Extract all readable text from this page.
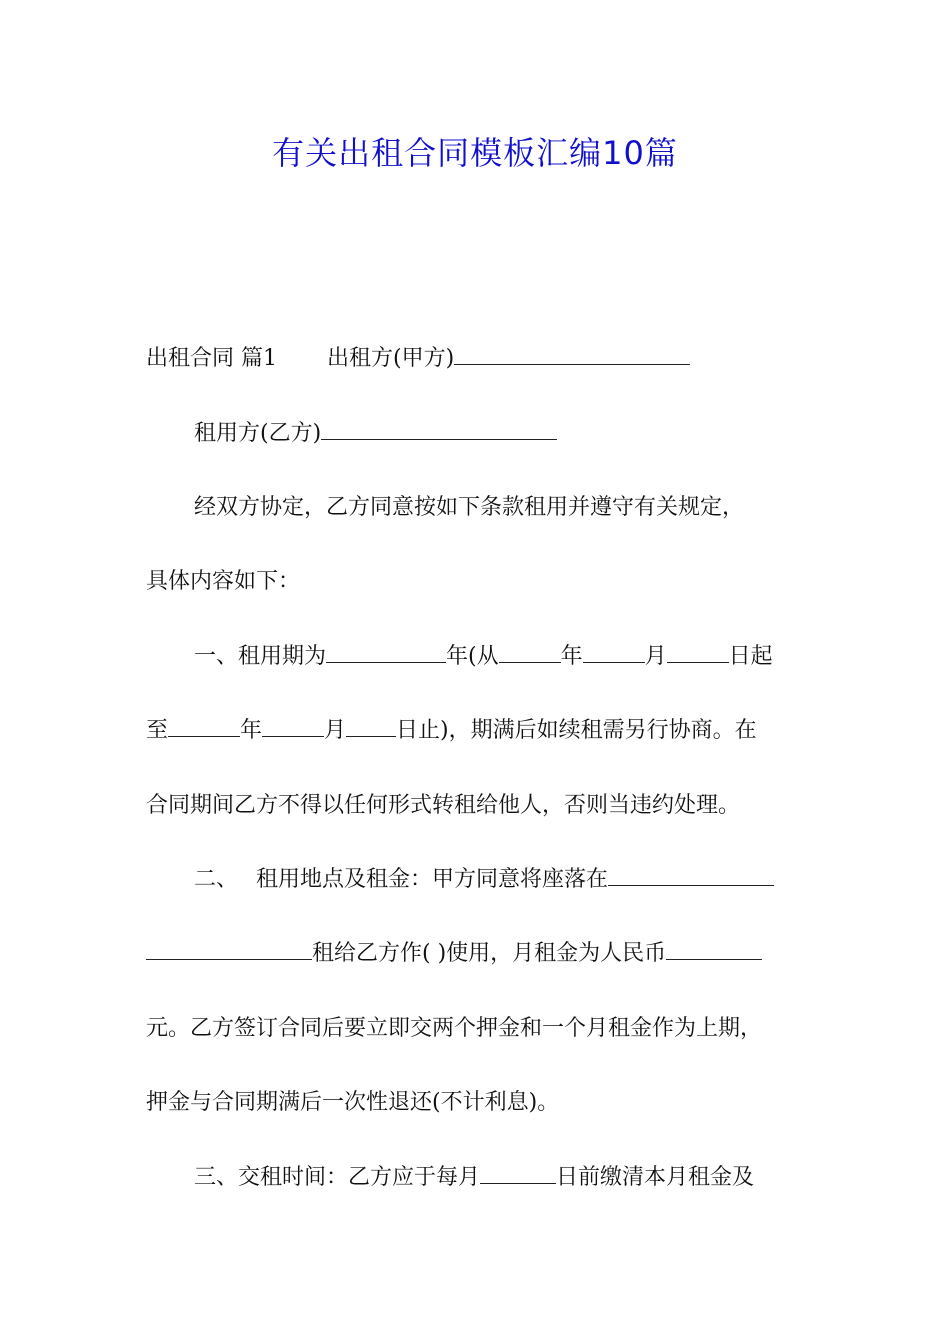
有关出租合同模板汇编10篇
出租合同 篇1 出租方(甲方)
租用方(乙方)
经双方协定，乙方同意按如下条款租用并遵守有关规定，
具体内容如下：
一、租用期为	年(从	年	月	日起
至	年	月 日止)，期满后如续租需另行协商。在
合同期间乙方不得以任何形式转租给他人，否则当违约处理。
二、 租用地点及租金：甲方同意将座落在
租给乙方作( )使用，月租金为人民币
元。乙方签订合同后要立即交两个押金和一个月租金作为上期，
押金与合同期满后一次性退还(不计利息)。
三、交租时间：乙方应于每月	日前缴清本月租金及
